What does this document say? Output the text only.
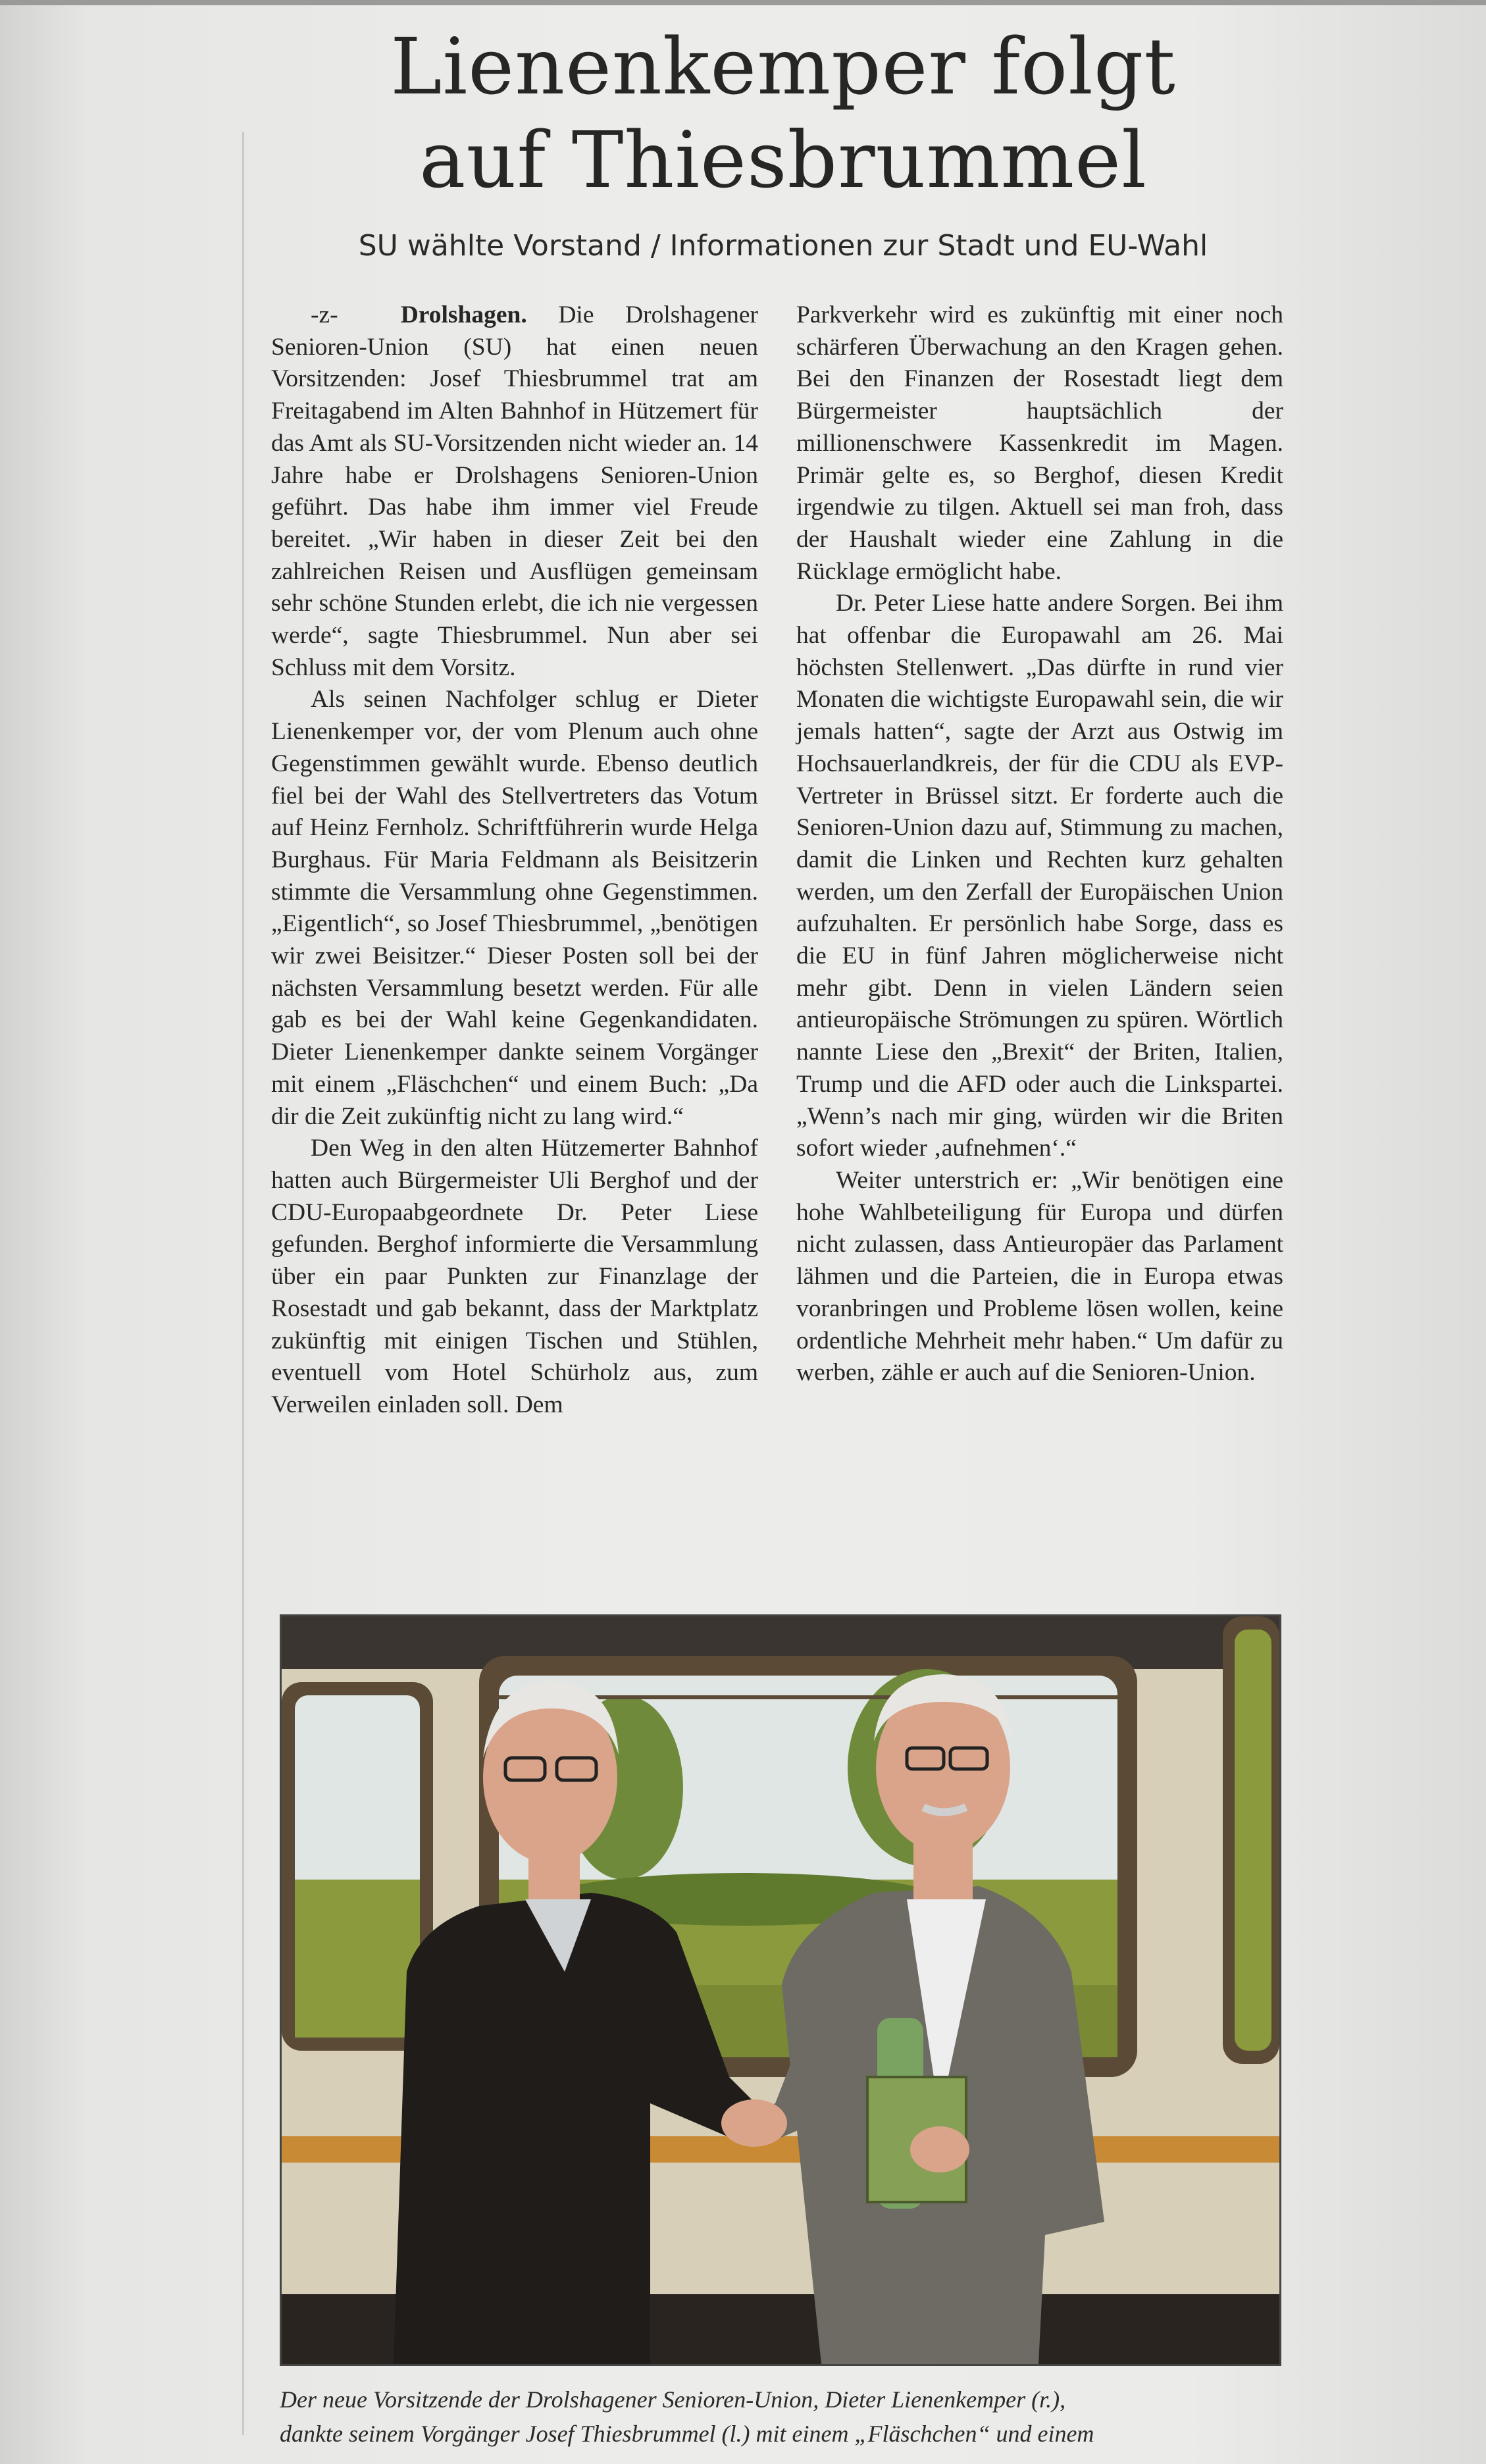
Lienenkemper folgt
auf Thiesbrummel
SU wählte Vorstand / Informationen zur Stadt und EU-Wahl

-z-	Drolshagen. Die Drolshagener Senioren-Union (SU) hat einen neuen Vorsitzenden: Josef Thiesbrummel trat am Freitagabend im Alten Bahnhof in Hützemert für das Amt als SU-Vorsitzenden nicht wieder an. 14 Jahre habe er Drolshagens Senioren-Union geführt. Das habe ihm immer viel Freude bereitet. „Wir haben in dieser Zeit bei den zahlreichen Reisen und Ausflügen gemeinsam sehr schöne Stunden erlebt, die ich nie vergessen werde“, sagte Thiesbrummel. Nun aber sei Schluss mit dem Vorsitz.

Als seinen Nachfolger schlug er Dieter Lienenkemper vor, der vom Plenum auch ohne Gegenstimmen gewählt wurde. Ebenso deutlich fiel bei der Wahl des Stellvertreters das Votum auf Heinz Fernholz. Schriftführerin wurde Helga Burghaus. Für Maria Feldmann als Beisitzerin stimmte die Versammlung ohne Gegenstimmen. „Eigentlich“, so Josef Thiesbrummel, „benötigen wir zwei Beisitzer.“ Dieser Posten soll bei der nächsten Versammlung besetzt werden. Für alle gab es bei der Wahl keine Gegenkandidaten. Dieter Lienenkemper dankte seinem Vorgänger mit einem „Fläschchen“ und einem Buch: „Da dir die Zeit zukünftig nicht zu lang wird.“

Den Weg in den alten Hützemerter Bahnhof hatten auch Bürgermeister Uli Berghof und der CDU-Europaabgeordnete Dr. Peter Liese gefunden. Berghof informierte die Versammlung über ein paar Punkten zur Finanzlage der Rosestadt und gab bekannt, dass der Marktplatz zukünftig mit einigen Tischen und Stühlen, eventuell vom Hotel Schürholz aus, zum Verweilen einladen soll. Dem

Parkverkehr wird es zukünftig mit einer noch schärferen Überwachung an den Kragen gehen. Bei den Finanzen der Rosestadt liegt dem Bürgermeister hauptsächlich der millionenschwere Kassenkredit im Magen. Primär gelte es, so Berghof, diesen Kredit irgendwie zu tilgen. Aktuell sei man froh, dass der Haushalt wieder eine Zahlung in die Rücklage ermöglicht habe.

Dr. Peter Liese hatte andere Sorgen. Bei ihm hat offenbar die Europawahl am 26. Mai höchsten Stellenwert. „Das dürfte in rund vier Monaten die wichtigste Europawahl sein, die wir jemals hatten“, sagte der Arzt aus Ostwig im Hochsauerlandkreis, der für die CDU als EVP-Vertreter in Brüssel sitzt. Er forderte auch die Senioren-Union dazu auf, Stimmung zu machen, damit die Linken und Rechten kurz gehalten werden, um den Zerfall der Europäischen Union aufzuhalten. Er persönlich habe Sorge, dass es die EU in fünf Jahren möglicherweise nicht mehr gibt. Denn in vielen Ländern seien antieuropäische Strömungen zu spüren. Wörtlich nannte Liese den „Brexit“ der Briten, Italien, Trump und die AFD oder auch die Linkspartei. „Wenn’s nach mir ging, würden wir die Briten sofort wieder ‚aufnehmen‘.“

Weiter unterstrich er: „Wir benötigen eine hohe Wahlbeteiligung für Europa und dürfen nicht zulassen, dass Antieuropäer das Parlament lähmen und die Parteien, die in Europa etwas voranbringen und Probleme lösen wollen, keine ordentliche Mehrheit mehr haben.“ Um dafür zu werben, zähle er auch auf die Senioren-Union.

Der neue Vorsitzende der Drolshagener Senioren-Union, Dieter Lienenkemper (r.),
dankte seinem Vorgänger Josef Thiesbrummel (l.) mit einem „Fläschchen“ und einem
